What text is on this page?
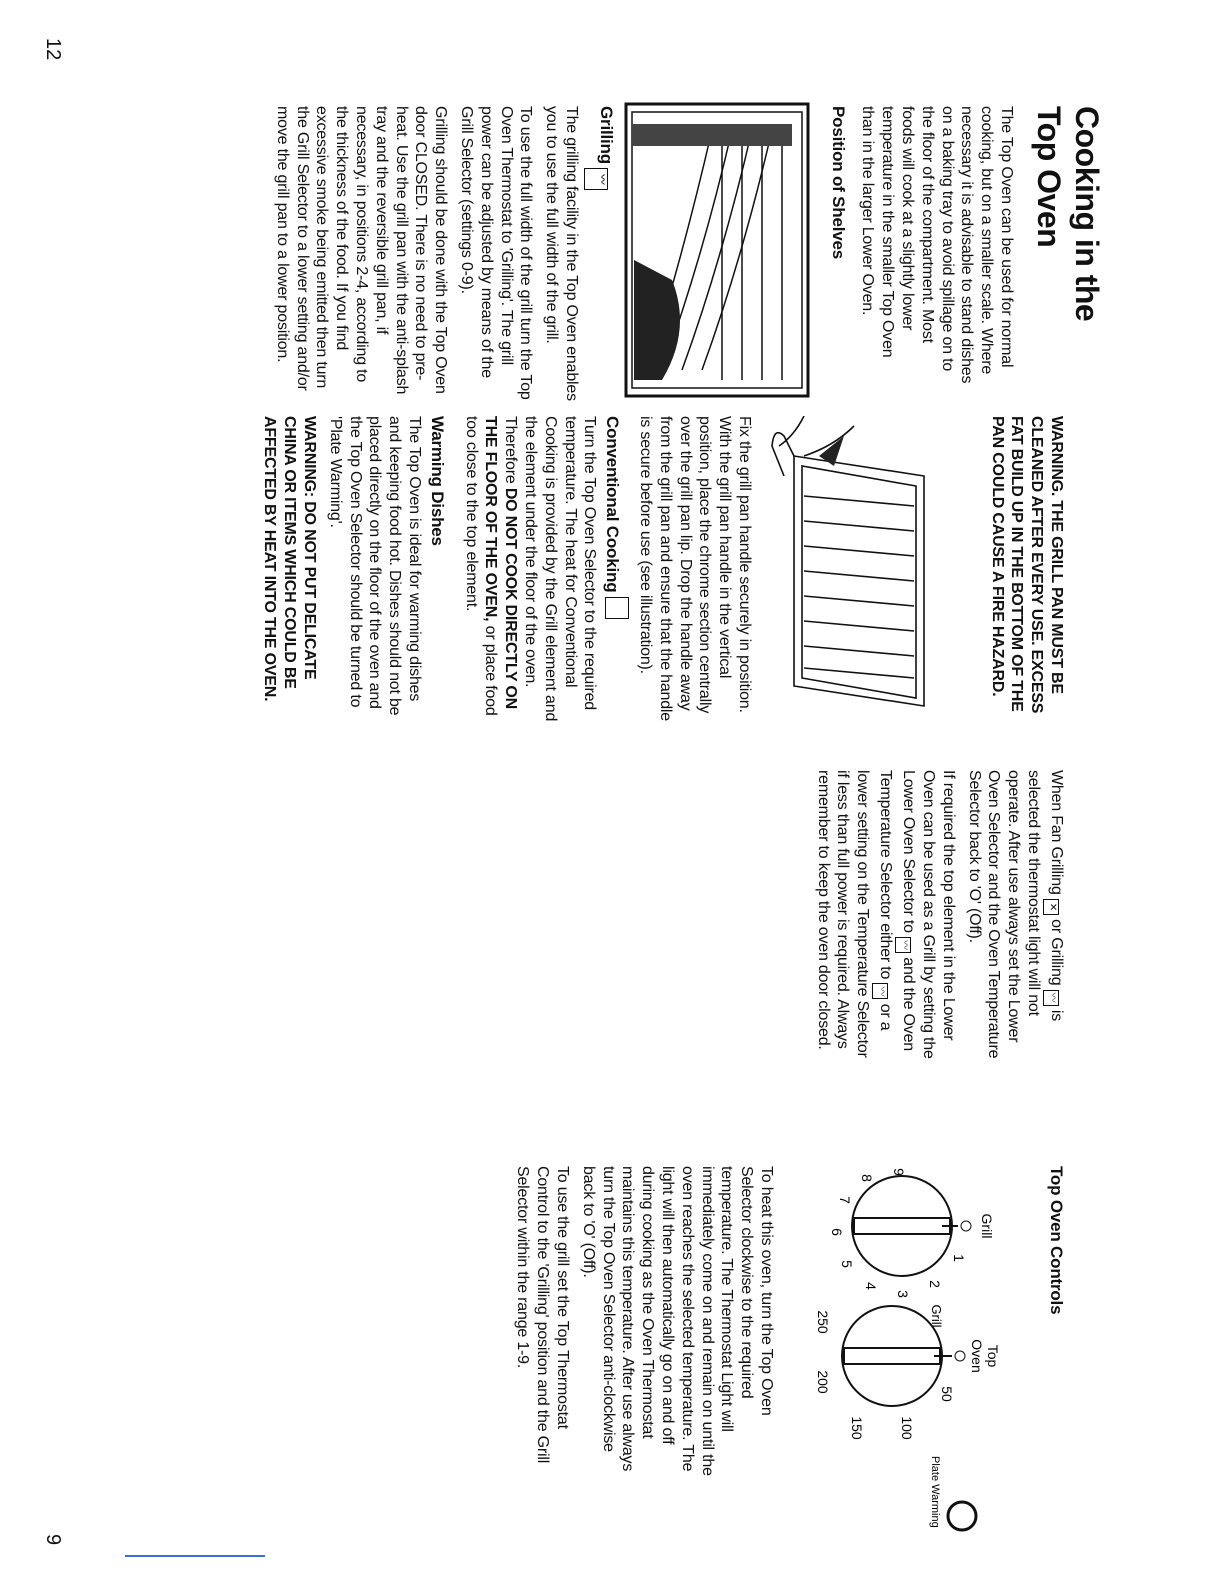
Cooking in the
Top Oven

The Top Oven can be used for normal cooking, but on a smaller scale. Where necessary it is advisable to stand dishes on a baking tray to avoid spillage on to the floor of the compartment. Most foods will cook at a slightly lower temperature in the smaller Top Oven than in the larger Lower Oven.

Position of Shelves
Grilling 〰

The grilling facility in the Top Oven enables you to use the full width of the grill.

To use the full width of the grill turn the Top Oven Thermostat to 'Grilling'. The grill power can be adjusted by means of the Grill Selector (settings 0-9).

Grilling should be done with the Top Oven door CLOSED. There is no need to pre-heat. Use the grill pan with the anti-splash tray and the reversible grill pan, if necessary, in positions 2-4, according to the thickness of the food. If you find excessive smoke being emitted then turn the Grill Selector to a lower setting and/or move the grill pan to a lower position.

WARNING. THE GRILL PAN MUST BE CLEANED AFTER EVERY USE. EXCESS FAT BUILD UP IN THE BOTTOM OF THE PAN COULD CAUSE A FIRE HAZARD.

Fix the grill pan handle securely in position. With the grill pan handle in the vertical position, place the chrome section centrally over the grill pan lip. Drop the handle away from the grill pan and ensure that the handle is secure before use (see illustration).

Conventional Cooking

Turn the Top Oven Selector to the required temperature. The heat for Conventional Cooking is provided by the Grill element and the element under the floor of the oven. Therefore DO NOT COOK DIRECTLY ON THE FLOOR OF THE OVEN, or place food too close to the top element.

Warming Dishes

The Top Oven is ideal for warming dishes and keeping food hot. Dishes should not be placed directly on the floor of the oven and the Top Oven Selector should be turned to 'Plate Warming'.

WARNING: DO NOT PUT DELICATE CHINA OR ITEMS WHICH COULD BE AFFECTED BY HEAT INTO THE OVEN.

When Fan Grilling ✕ or Grilling 〰 is selected the thermostat light will not operate. After use always set the Lower Oven Selector and the Oven Temperature Selector back to 'O' (Off).

If required the top element in the Lower Oven can be used as a Grill by setting the Lower Oven Selector to 〰 and the Oven Temperature Selector either to 〰 or a lower setting on the Temperature Selector if less than full power is required. Always remember to keep the oven door closed.

Top Oven Controls
Grill
1
2
3
4
5
6
7
8
9
Top
Oven
Grill
50
100
150
200
250
Plate Warming

To heat this oven, turn the Top Oven Selector clockwise to the required temperature. The Thermostat Light will immediately come on and remain on until the oven reaches the selected temperature. The light will then automatically go on and off during cooking as the Oven Thermostat maintains this temperature. After use always turn the Top Oven Selector anti-clockwise back to 'O' (Off).

To use the grill set the Top Thermostat Control to the 'Grilling' position and the Grill Selector within the range 1-9.

12
9
